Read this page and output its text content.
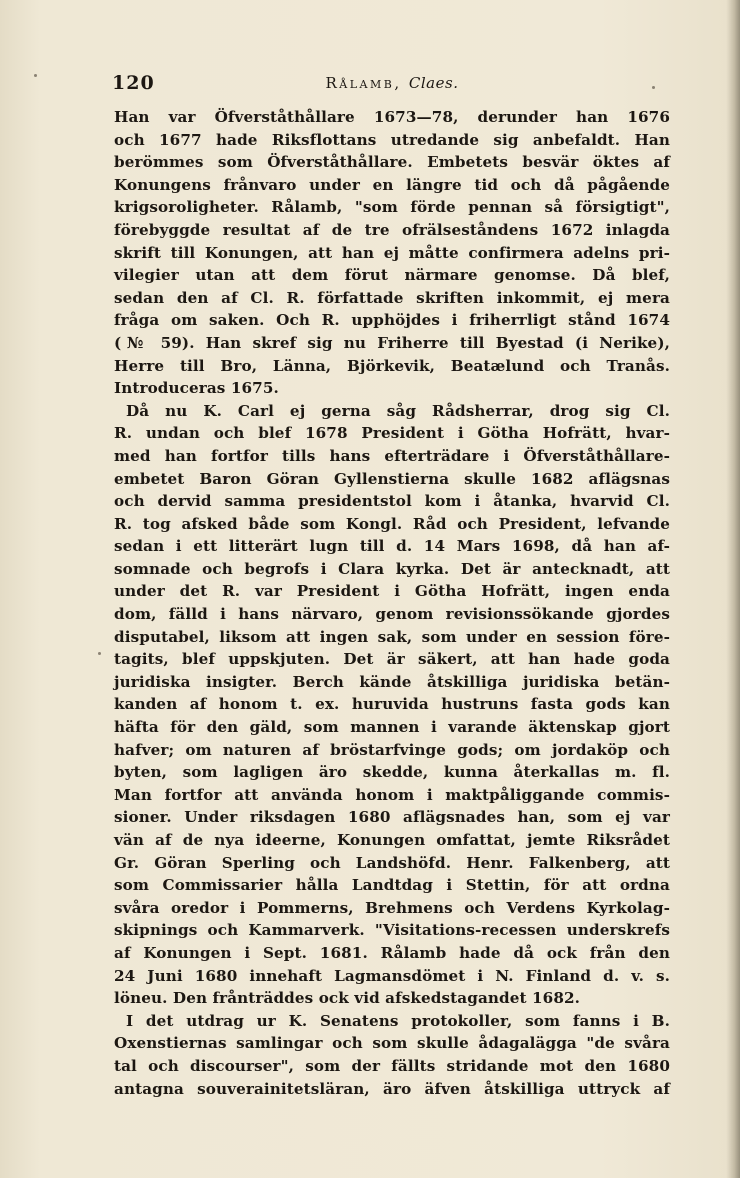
120	Rålamb, Claes.
Han var Öfverståthållare 1673—78, derunder han 1676
och 1677 hade Riksflottans utredande sig anbefaldt. Han
berömmes som Öfverståthållare. Embetets besvär öktes af
Konungens frånvaro under en längre tid och då pågående
krigsoroligheter. Rålamb, "som förde pennan så försigtigt",
förebyggde resultat af de tre ofrälseståndens 1672 inlagda
skrift till Konungen, att han ej måtte confirmera adelns pri-
vilegier utan att dem förut närmare genomse. Då blef,
sedan den af Cl. R. författade skriften inkommit, ej mera
fråga om saken. Och R. upphöjdes i friherrligt stånd 1674
(№ 59). Han skref sig nu Friherre till Byestad (i Nerike),
Herre till Bro, Länna, Björkevik, Beatælund och Tranås.
Introduceras 1675.
Då nu K. Carl ej gerna såg Rådsherrar, drog sig Cl.
R. undan och blef 1678 President i Götha Hofrätt, hvar-
med han fortfor tills hans efterträdare i Öfverståthållare-
embetet Baron Göran Gyllenstierna skulle 1682 aflägsnas
och dervid samma presidentstol kom i åtanka, hvarvid Cl.
R. tog afsked både som Kongl. Råd och President, lefvande
sedan i ett litterärt lugn till d. 14 Mars 1698, då han af-
somnade och begrofs i Clara kyrka. Det är antecknadt, att
under det R. var President i Götha Hofrätt, ingen enda
dom, fälld i hans närvaro, genom revisionssökande gjordes
disputabel, liksom att ingen sak, som under en session före-
tagits, blef uppskjuten. Det är säkert, att han hade goda
juridiska insigter. Berch kände åtskilliga juridiska betän-
kanden af honom t. ex. huruvida hustruns fasta gods kan
häfta för den gäld, som mannen i varande äktenskap gjort
hafver; om naturen af bröstarfvinge gods; om jordaköp och
byten, som lagligen äro skedde, kunna återkallas m. fl.
Man fortfor att använda honom i maktpåliggande commis-
sioner. Under riksdagen 1680 aflägsnades han, som ej var
vän af de nya ideerne, Konungen omfattat, jemte Riksrådet
Gr. Göran Sperling och Landshöfd. Henr. Falkenberg, att
som Commissarier hålla Landtdag i Stettin, för att ordna
svåra oredor i Pommerns, Brehmens och Verdens Kyrkolag-
skipnings och Kammarverk. "Visitations-recessen underskrefs
af Konungen i Sept. 1681. Rålamb hade då ock från den
24 Juni 1680 innehaft Lagmansdömet i N. Finland d. v. s.
löneu. Den frånträddes ock vid afskedstagandet 1682.
I det utdrag ur K. Senatens protokoller, som fanns i B.
Oxenstiernas samlingar och som skulle ådagalägga "de svåra
tal och discourser", som der fällts stridande mot den 1680
antagna souverainitetsläran, äro äfven åtskilliga uttryck af
